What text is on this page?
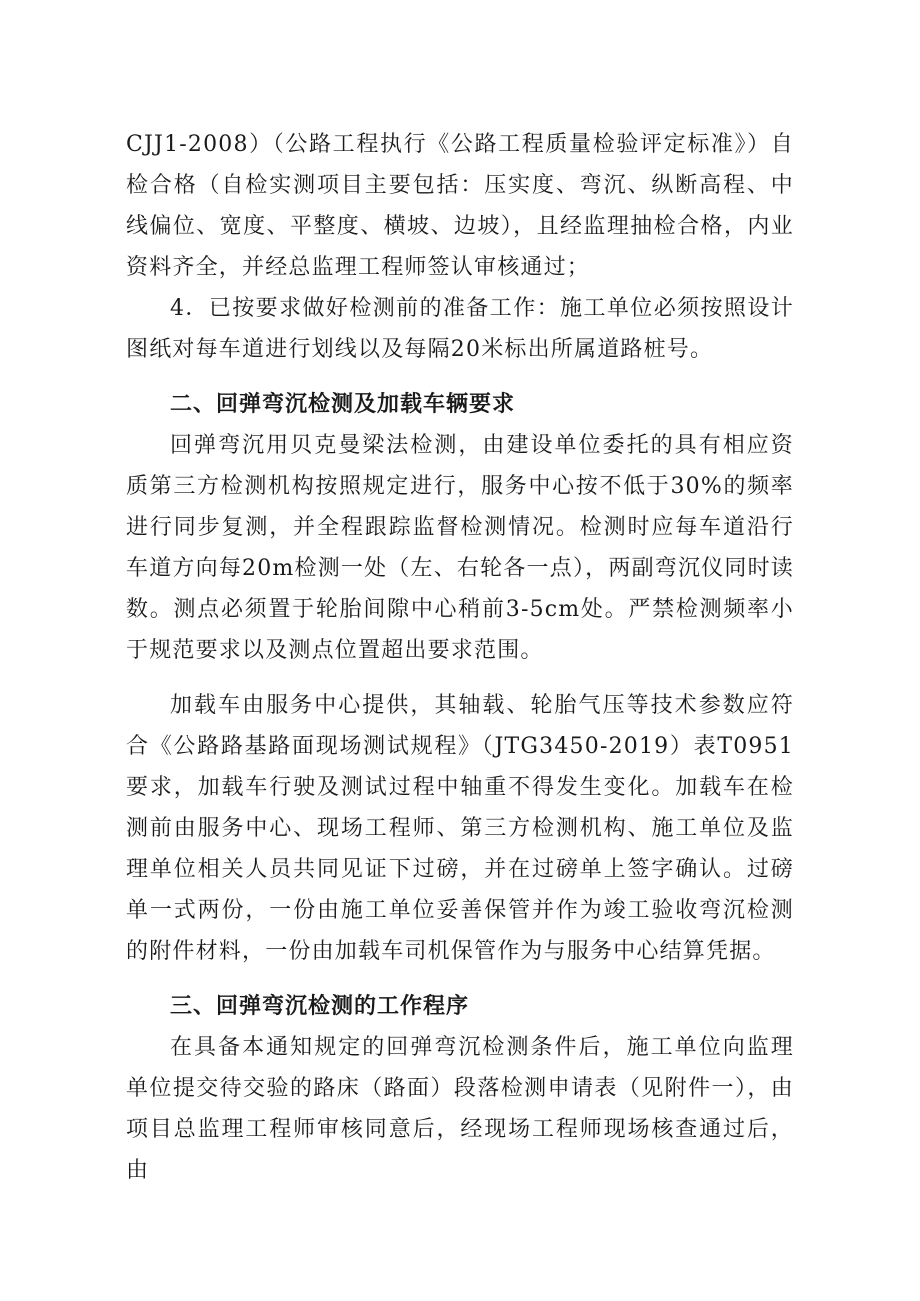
CJJ1-2008）（公路工程执行《公路工程质量检验评定标准》）自检合格（自检实测项目主要包括：压实度、弯沉、纵断高程、中线偏位、宽度、平整度、横坡、边坡），且经监理抽检合格，内业资料齐全，并经总监理工程师签认审核通过；

4．已按要求做好检测前的准备工作：施工单位必须按照设计图纸对每车道进行划线以及每隔20米标出所属道路桩号。

二、回弹弯沉检测及加载车辆要求

回弹弯沉用贝克曼梁法检测，由建设单位委托的具有相应资质第三方检测机构按照规定进行，服务中心按不低于30%的频率进行同步复测，并全程跟踪监督检测情况。检测时应每车道沿行车道方向每20m检测一处（左、右轮各一点），两副弯沉仪同时读数。测点必须置于轮胎间隙中心稍前3-5cm处。严禁检测频率小于规范要求以及测点位置超出要求范围。

加载车由服务中心提供，其轴载、轮胎气压等技术参数应符合《公路路基路面现场测试规程》（JTG3450-2019）表T0951要求，加载车行驶及测试过程中轴重不得发生变化。加载车在检测前由服务中心、现场工程师、第三方检测机构、施工单位及监理单位相关人员共同见证下过磅，并在过磅单上签字确认。过磅单一式两份，一份由施工单位妥善保管并作为竣工验收弯沉检测的附件材料，一份由加载车司机保管作为与服务中心结算凭据。

三、回弹弯沉检测的工作程序

在具备本通知规定的回弹弯沉检测条件后，施工单位向监理单位提交待交验的路床（路面）段落检测申请表（见附件一），由项目总监理工程师审核同意后，经现场工程师现场核查通过后，由
